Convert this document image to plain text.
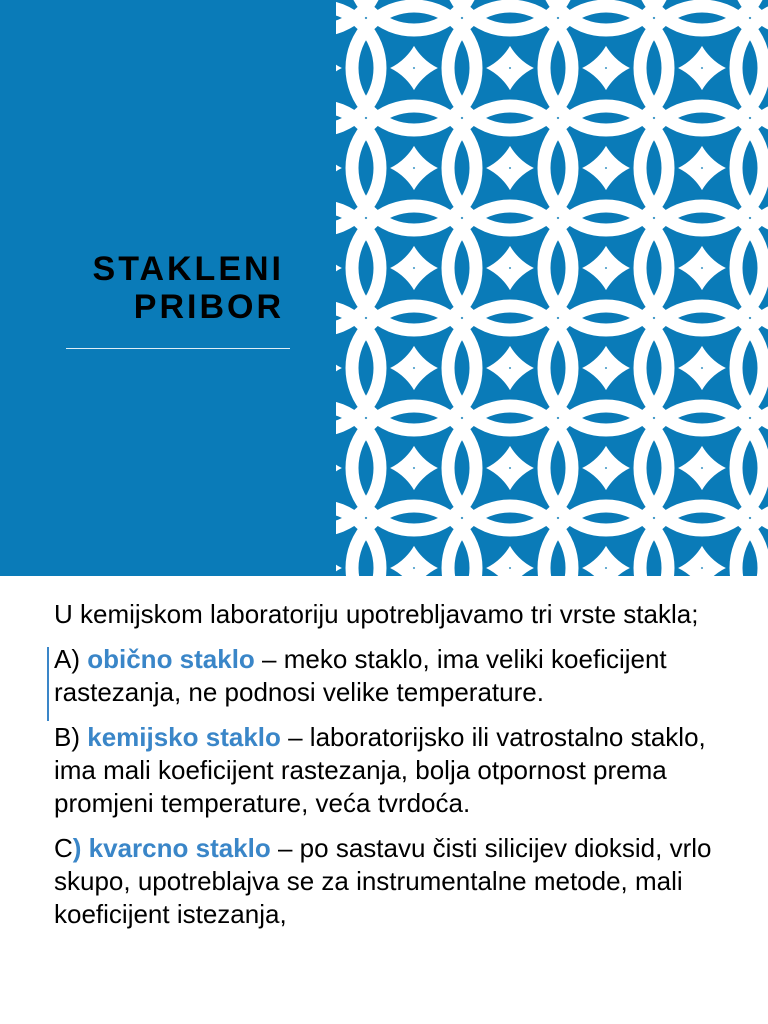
STAKLENI
PRIBOR

U kemijskom laboratoriju upotrebljavamo tri vrste stakla;

A) obično staklo – meko staklo, ima veliki koeficijent rastezanja, ne podnosi velike temperature.

B) kemijsko staklo – laboratorijsko ili vatrostalno staklo, ima mali koeficijent rastezanja, bolja otpornost prema promjeni temperature, veća tvrdoća.

C) kvarcno staklo – po sastavu čisti silicijev dioksid, vrlo skupo, upotreblajva se za instrumentalne metode, mali koeficijent istezanja,
